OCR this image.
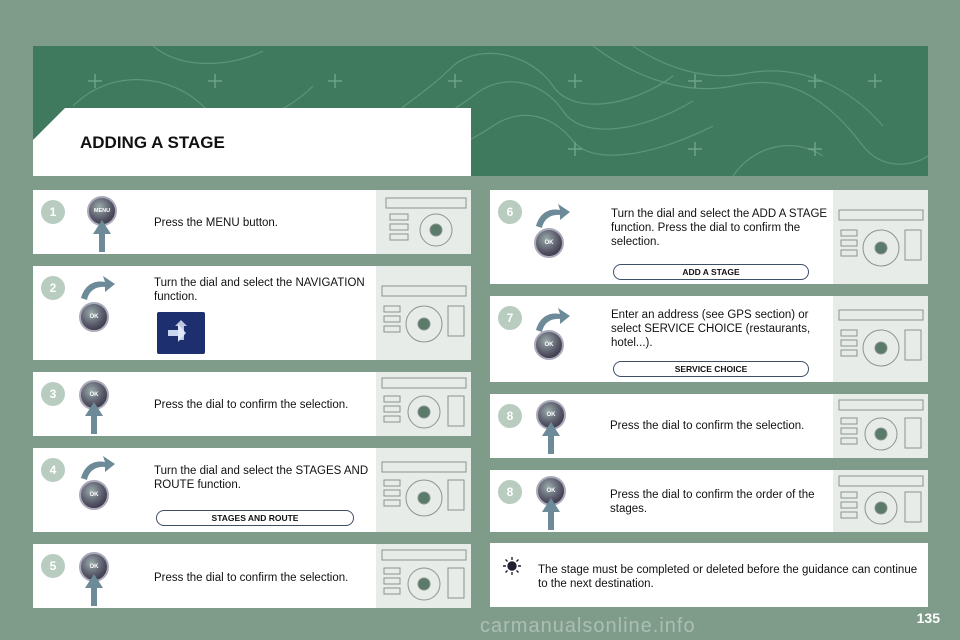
ADDING A STAGE
1	MENU
Press the MENU button.
2
OK
Turn the dial and select the NAVIGATION function.
3	OK
Press the dial to confirm the selection.
4
OK
Turn the dial and select the STAGES AND ROUTE function.
STAGES AND ROUTE
5	OK
Press the dial to confirm the selection.
6
OK
Turn the dial and select the ADD A STAGE function. Press the dial to confirm the selection.
ADD A STAGE
7
OK
Enter an address (see GPS section) or select SERVICE CHOICE (restaurants, hotel...).
SERVICE CHOICE
8	OK
Press the dial to confirm the selection.
8	OK	Press the dial to confirm the order of the stages.
The stage must be completed or deleted before the guidance can continue to the next destination.
carmanualsonline.info	135
